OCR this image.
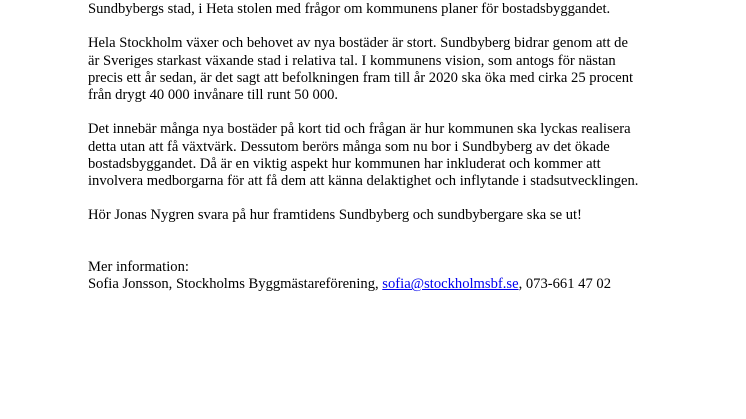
Sundbybergs stad, i Heta stolen med frågor om kommunens planer för bostadsbyggandet.

Hela Stockholm växer och behovet av nya bostäder är stort. Sundbyberg bidrar genom att de
är Sveriges starkast växande stad i relativa tal. I kommunens vision, som antogs för nästan
precis ett år sedan, är det sagt att befolkningen fram till år 2020 ska öka med cirka 25 procent
från drygt 40 000 invånare till runt 50 000.

Det innebär många nya bostäder på kort tid och frågan är hur kommunen ska lyckas realisera
detta utan att få växtvärk. Dessutom berörs många som nu bor i Sundbyberg av det ökade
bostadsbyggandet. Då är en viktig aspekt hur kommunen har inkluderat och kommer att
involvera medborgarna för att få dem att känna delaktighet och inflytande i stadsutvecklingen.

Hör Jonas Nygren svara på hur framtidens Sundbyberg och sundbybergare ska se ut!

Mer information:
Sofia Jonsson, Stockholms Byggmästareförening, sofia@stockholmsbf.se, 073-661 47 02
